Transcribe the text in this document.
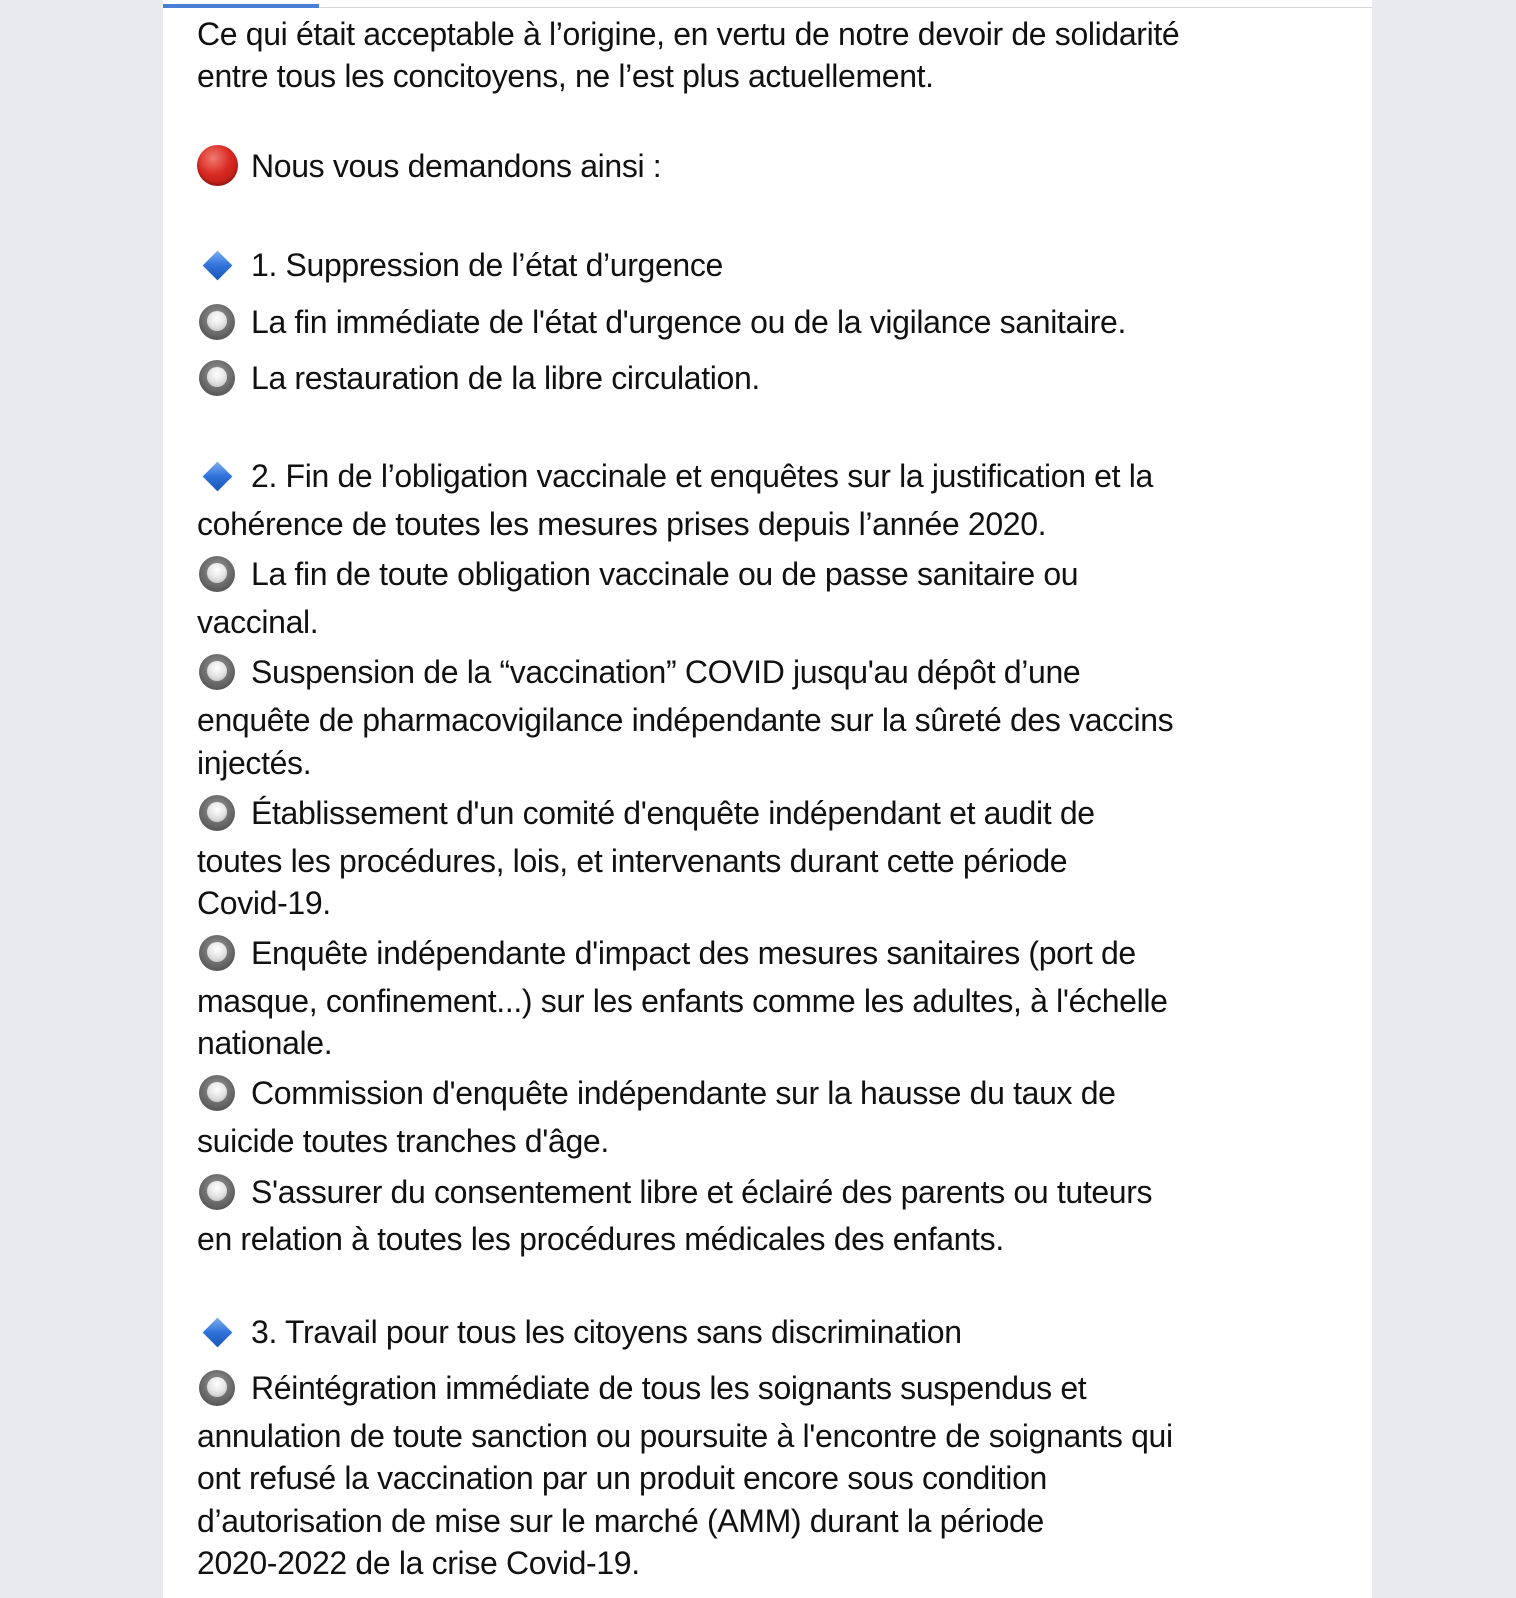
Ce qui était acceptable à l’origine, en vertu de notre devoir de solidarité
entre tous les concitoyens, ne l’est plus actuellement.
Nous vous demandons ainsi :
1. Suppression de l’état d’urgence
La fin immédiate de l'état d'urgence ou de la vigilance sanitaire.
La restauration de la libre circulation.
2. Fin de l’obligation vaccinale et enquêtes sur la justification et la
cohérence de toutes les mesures prises depuis l’année 2020.
La fin de toute obligation vaccinale ou de passe sanitaire ou
vaccinal.
Suspension de la “vaccination” COVID jusqu'au dépôt d’une
enquête de pharmacovigilance indépendante sur la sûreté des vaccins
injectés.
Établissement d'un comité d'enquête indépendant et audit de
toutes les procédures, lois, et intervenants durant cette période
Covid-19.
Enquête indépendante d'impact des mesures sanitaires (port de
masque, confinement...) sur les enfants comme les adultes, à l'échelle
nationale.
Commission d'enquête indépendante sur la hausse du taux de
suicide toutes tranches d'âge.
S'assurer du consentement libre et éclairé des parents ou tuteurs
en relation à toutes les procédures médicales des enfants.
3. Travail pour tous les citoyens sans discrimination
Réintégration immédiate de tous les soignants suspendus et
annulation de toute sanction ou poursuite à l'encontre de soignants qui
ont refusé la vaccination par un produit encore sous condition
d’autorisation de mise sur le marché (AMM) durant la période
2020-2022 de la crise Covid-19.
